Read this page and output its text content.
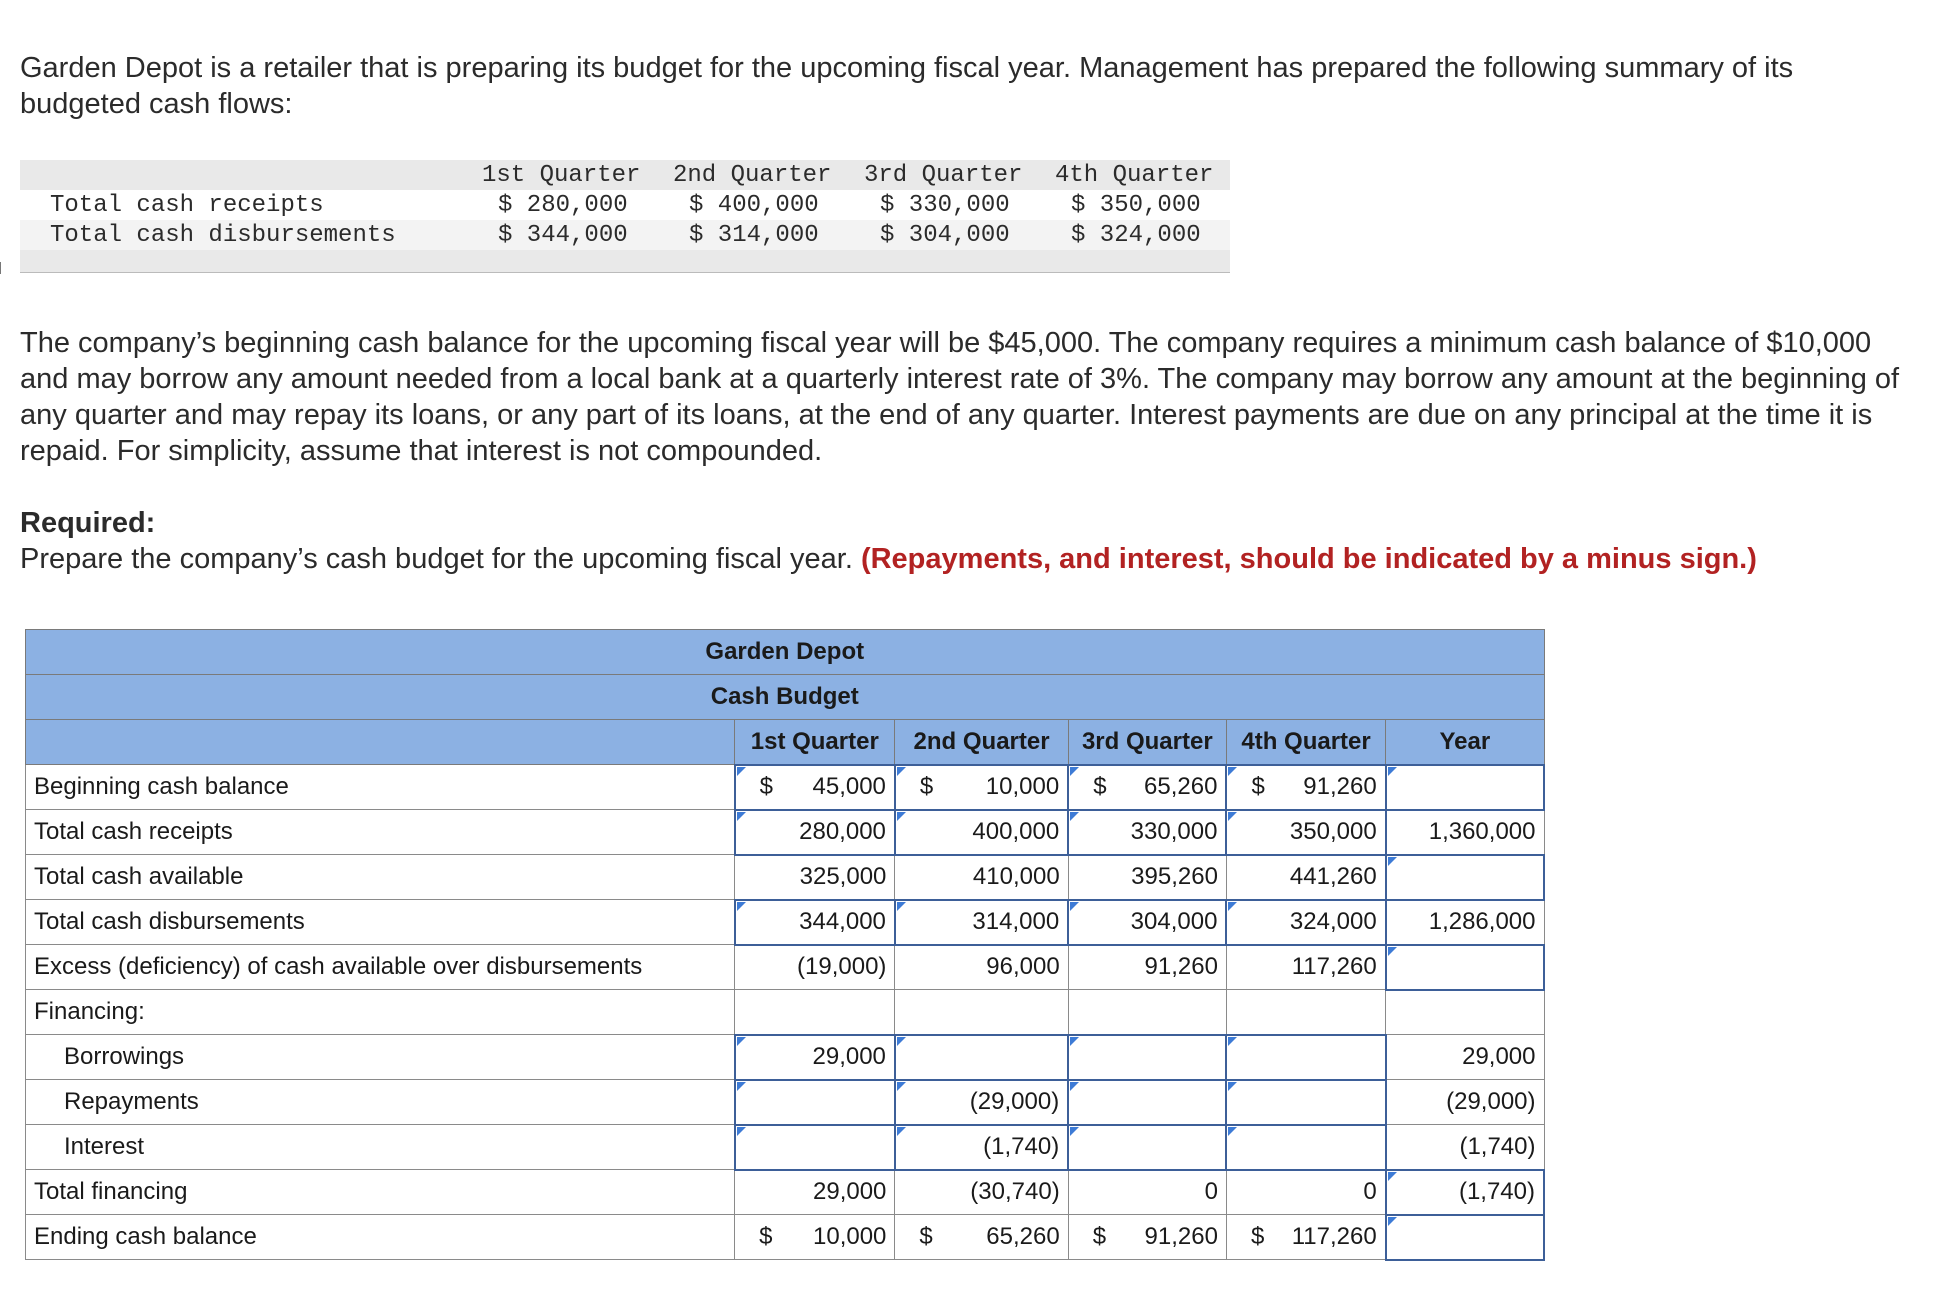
Garden Depot is a retailer that is preparing its budget for the upcoming fiscal year. Management has prepared the following summary of its budgeted cash flows:

1st Quarter 2nd Quarter 3rd Quarter 4th Quarter
Total cash receipts	$ 280,000	$ 400,000	$ 330,000	$ 350,000
Total cash disbursements	$ 344,000	$ 314,000	$ 304,000	$ 324,000

The company’s beginning cash balance for the upcoming fiscal year will be $45,000. The company requires a minimum cash balance of $10,000 and may borrow any amount needed from a local bank at a quarterly interest rate of 3%. The company may borrow any amount at the beginning of any quarter and may repay its loans, or any part of its loans, at the end of any quarter. Interest payments are due on any principal at the time it is repaid. For simplicity, assume that interest is not compounded.

Required:

Prepare the company’s cash budget for the upcoming fiscal year. (Repayments, and interest, should be indicated by a minus sign.)

Garden Depot					
Cash Budget					
	1st Quarter	2nd Quarter	3rd Quarter	4th Quarter	Year
Beginning cash balance	$ 45,000	$ 10,000	$ 65,260	$ 91,260	
Total cash receipts	280,000	400,000	330,000	350,000	1,360,000
Total cash available	325,000	410,000	395,260	441,260	
Total cash disbursements	344,000	314,000	304,000	324,000	1,286,000
Excess (deficiency) of cash available over disbursements	(19,000)	96,000	91,260	117,260	
Financing:					
Borrowings	29,000				29,000
Repayments		(29,000)			(29,000)
Interest		(1,740)			(1,740)
Total financing	29,000	(30,740)	0	0	(1,740)
Ending cash balance	$ 10,000	$ 65,260	$ 91,260	$ 117,260	
